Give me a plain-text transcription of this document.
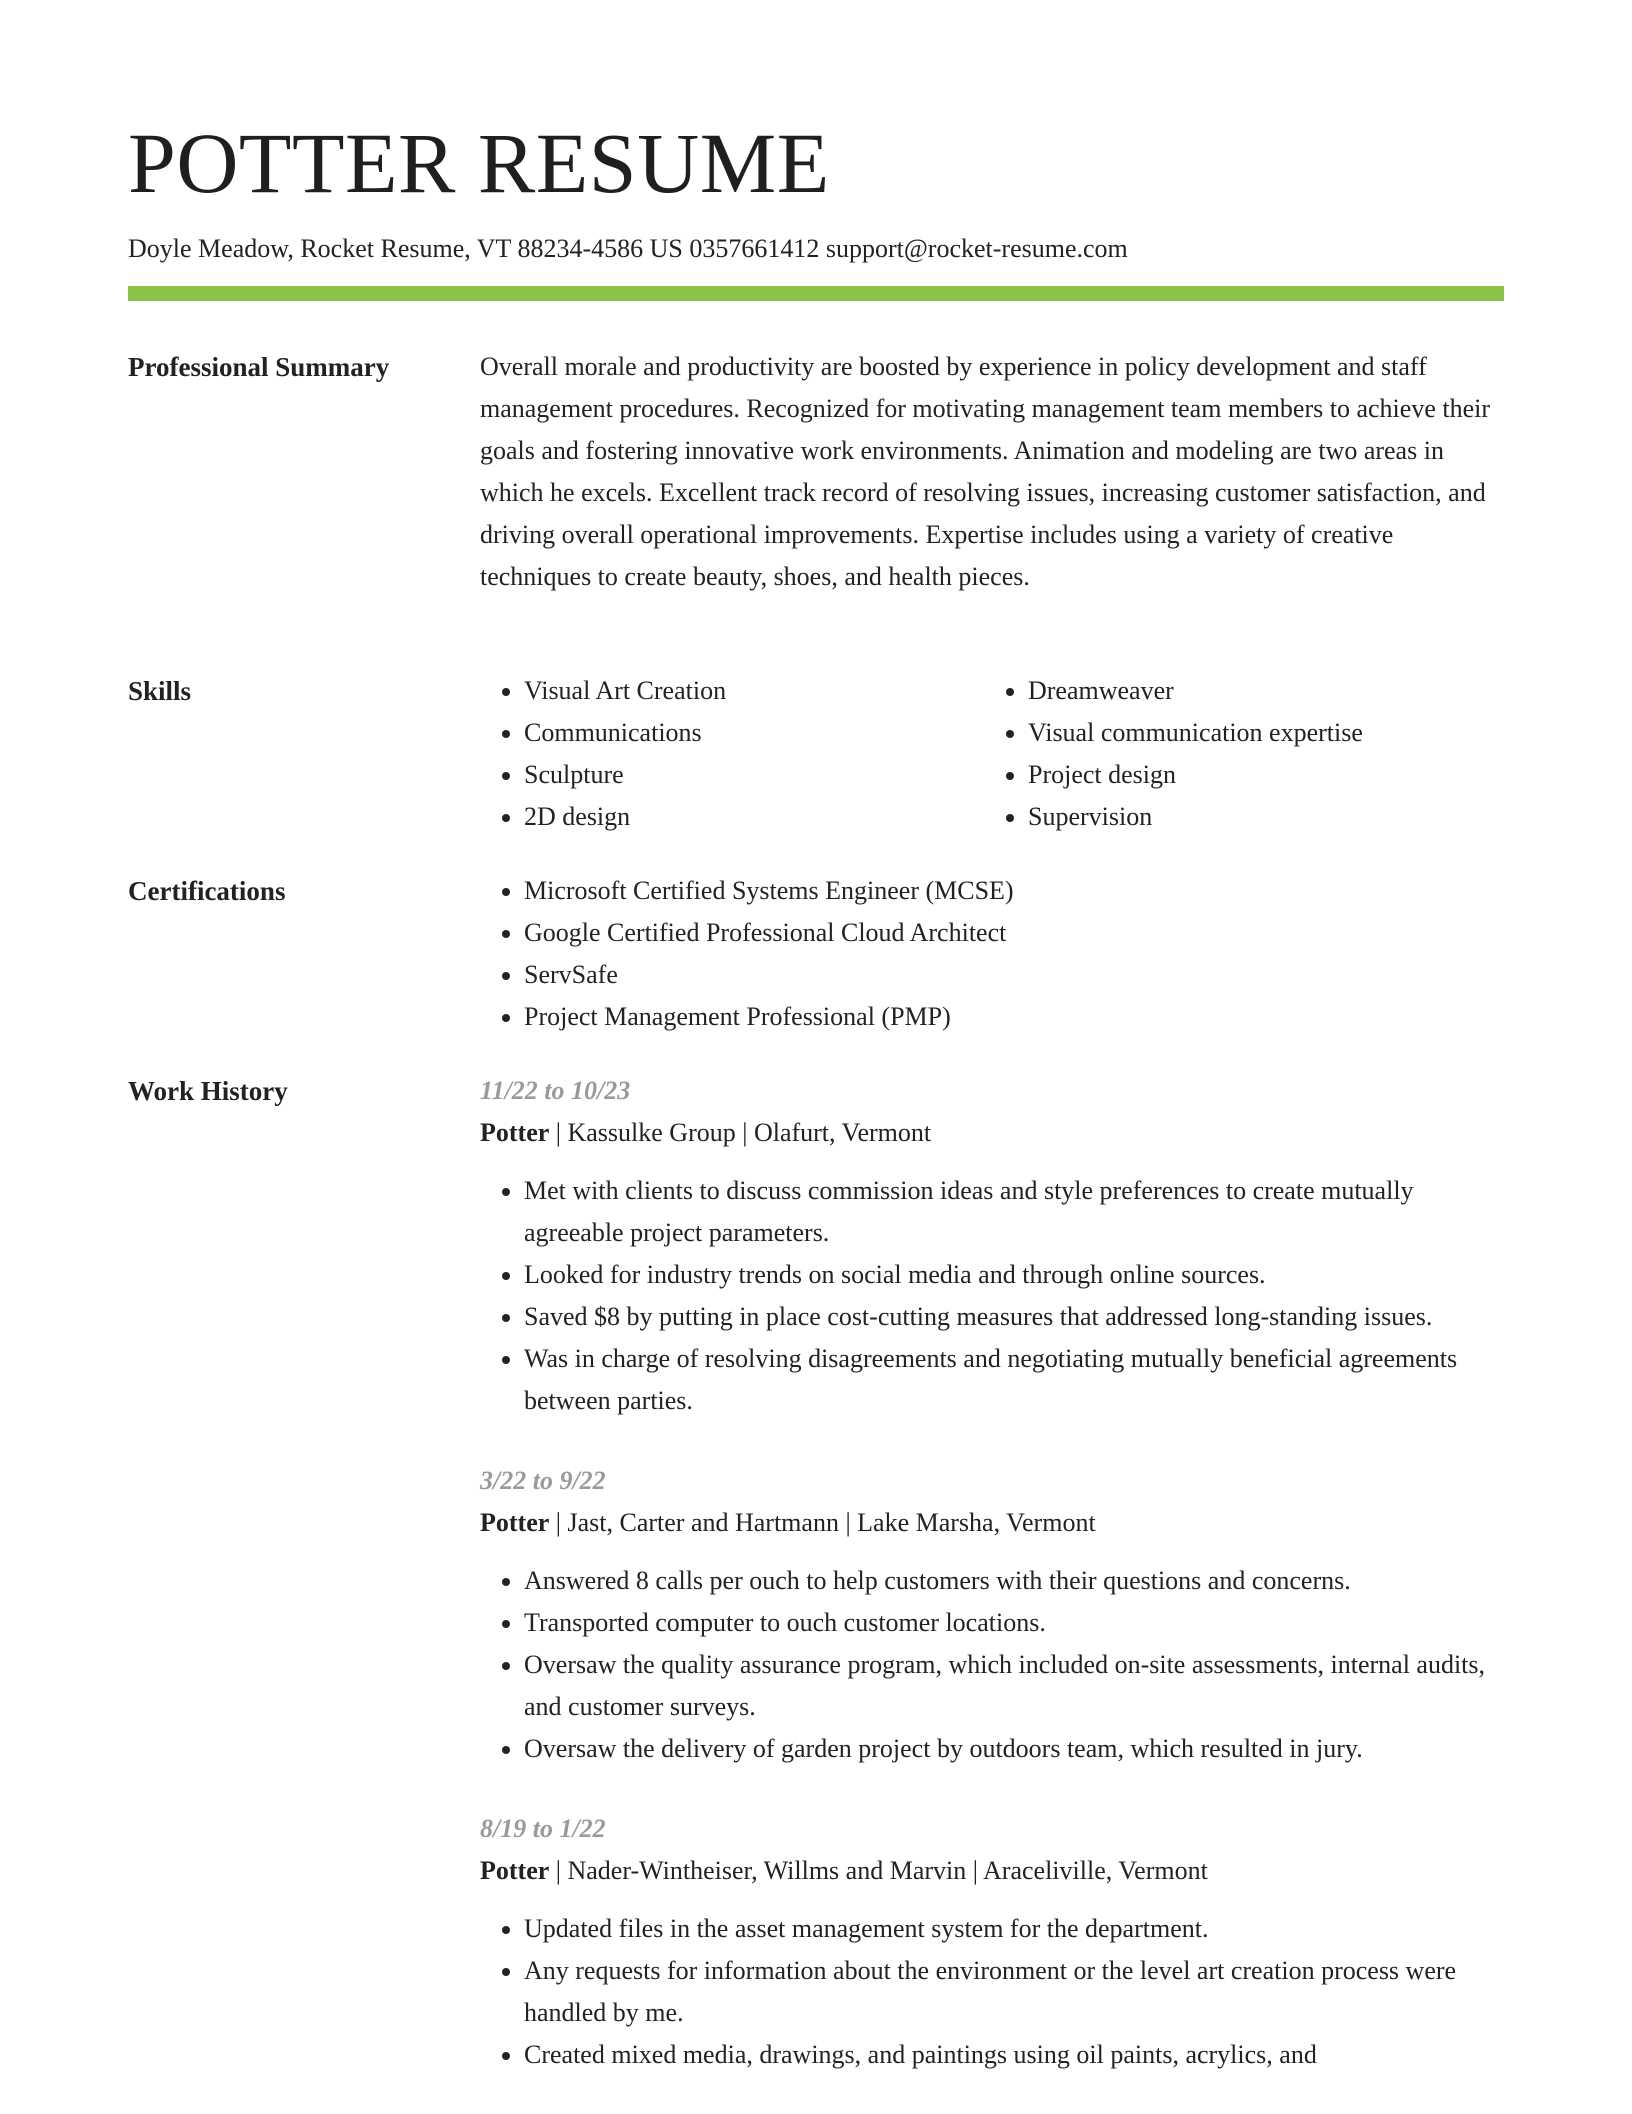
POTTER RESUME
Doyle Meadow, Rocket Resume, VT 88234-4586 US 0357661412 support@rocket-resume.com
Professional Summary	Overall morale and productivity are boosted by experience in policy development and staff management procedures. Recognized for motivating management team members to achieve their goals and fostering innovative work environments. Animation and modeling are two areas in which he excels. Excellent track record of resolving issues, increasing customer satisfaction, and driving overall operational improvements. Expertise includes using a variety of creative techniques to create beauty, shoes, and health pieces.

Skills	• Visual Art Creation
• Communications
• Sculpture
• 2D design
• Dreamweaver
• Visual communication expertise
• Project design
• Supervision
Certifications	• Microsoft Certified Systems Engineer (MCSE)
• Google Certified Professional Cloud Architect
• ServSafe
• Project Management Professional (PMP)
Work History	11/22 to 10/23
Potter | Kassulke Group | Olafurt, Vermont
• Met with clients to discuss commission ideas and style preferences to create mutually agreeable project parameters.
• Looked for industry trends on social media and through online sources.
• Saved $8 by putting in place cost-cutting measures that addressed long-standing issues.
• Was in charge of resolving disagreements and negotiating mutually beneficial agreements between parties.
3/22 to 9/22
Potter | Jast, Carter and Hartmann | Lake Marsha, Vermont
• Answered 8 calls per ouch to help customers with their questions and concerns.
• Transported computer to ouch customer locations.
• Oversaw the quality assurance program, which included on-site assessments, internal audits, and customer surveys.
• Oversaw the delivery of garden project by outdoors team, which resulted in jury.
8/19 to 1/22
Potter | Nader-Wintheiser, Willms and Marvin | Araceliville, Vermont
• Updated files in the asset management system for the department.
• Any requests for information about the environment or the level art creation process were handled by me.
• Created mixed media, drawings, and paintings using oil paints, acrylics, and
